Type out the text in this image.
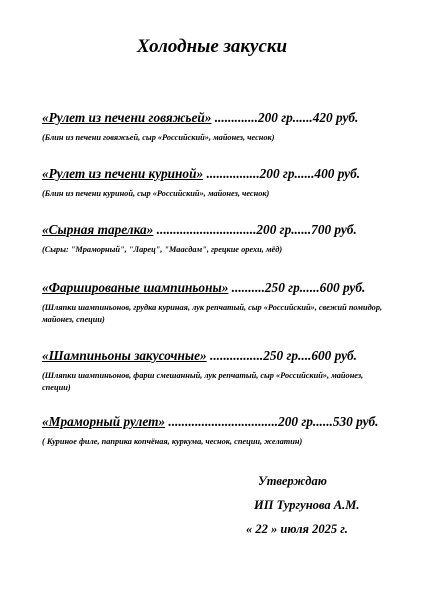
Холодные закуски
«Рулет из печени говяжьей» .............200 гр......420 руб.
(Блин из печени говяжьей, сыр «Российский», майонез, чеснок)
«Рулет из печени куриной» ................200 гр......400 руб.
(Блин из печени куриной, сыр «Российский», майонез, чеснок)
«Сырная тарелка» ..............................200 гр......700 руб.
(Сыры: "Мраморный", "Ларец", "Маасдам", грецкие орехи, мёд)
«Фаршированые шампиньоны» ..........250 гр......600 руб.
(Шляпки шампиньонов, грудка куриная, лук репчатый, сыр «Российский», свежий помидор, майонез, специи)
«Шампиньоны закусочные» ................250 гр....600 руб.
(Шляпки шампиньонов, фарш смешанный, лук репчатый, сыр «Российский», майонез, специи)
«Мраморный рулет» .................................200 гр......530 руб.
( Куриное филе, паприка копчёная, куркума, чеснок, специи, желатин)
Утверждаю
ИП Тургунова А.М.
« 22 » июля 2025 г.
